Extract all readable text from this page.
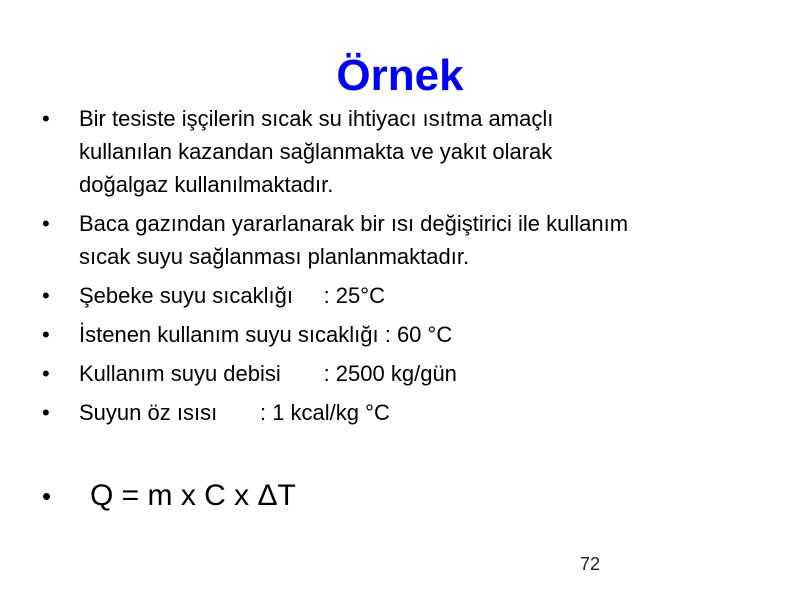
Örnek
• Bir tesiste işçilerin sıcak su ihtiyacı ısıtma amaçlı
kullanılan kazandan sağlanmakta ve yakıt olarak
doğalgaz kullanılmaktadır.
• Baca gazından yararlanarak bir ısı değiştirici ile kullanım
sıcak suyu sağlanması planlanmaktadır.
• Şebeke suyu sıcaklığı : 25°C
• İstenen kullanım suyu sıcaklığı : 60 °C
• Kullanım suyu debisi : 2500 kg/gün
• Suyun öz ısısı : 1 kcal/kg °C
• Q = m x C x ΔT
72
